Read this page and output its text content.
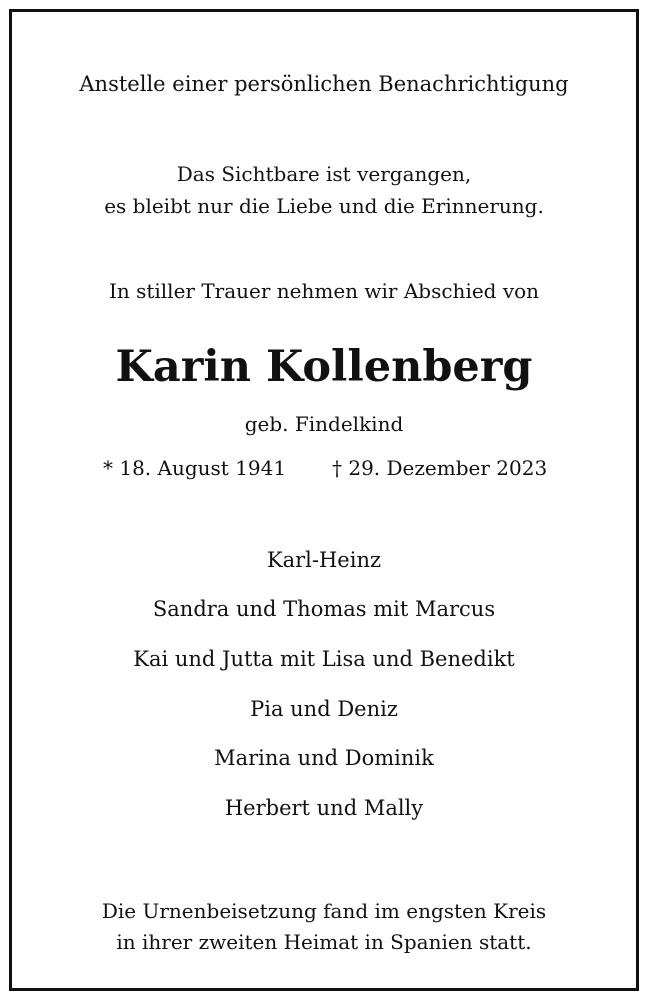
Anstelle einer persönlichen Benachrichtigung
Das Sichtbare ist vergangen,
es bleibt nur die Liebe und die Erinnerung.
In stiller Trauer nehmen wir Abschied von
Karin Kollenberg
geb. Findelkind
* 18. August 1941 † 29. Dezember 2023
Karl-Heinz
Sandra und Thomas mit Marcus
Kai und Jutta mit Lisa und Benedikt
Pia und Deniz
Marina und Dominik
Herbert und Mally
Die Urnenbeisetzung fand im engsten Kreis
in ihrer zweiten Heimat in Spanien statt.
